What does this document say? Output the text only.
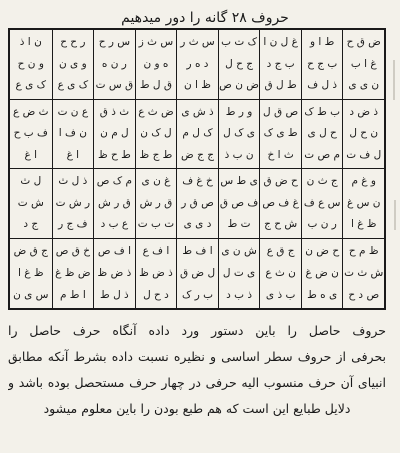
حروف ۲۸ گانه را دور میدهیم
ض ق ح
غ ا ب
ن ی ی
ط ا و
ب ج ح
ذ ل ف
غ ل ن ا
ب ج د
ط ل ق
ک ت ب
ج ح ل
ض ن ص
س ث ر
د ه ر
ظ ا ن
س ث ز
ه و ن
ق ل ط
س ر ح
ر ن ه
ق س ت
ر ح ح
و ی ن
ک ی ع
ن ا ذ
و ن ح
ک ی ع
ذ ض د
ن ح ل
ل ف ت
ب ط ک
ح ل ی
م ص ت
ص ق ل
ط ی ک
ث ا خ
و ر ط
ی ک ل
ن ب ذ
ذ ش ی
ک ل م
ج ج ض
ض ث ع
ل ک ن
ط ج ظ
ث ذ ق
ل م ن
ط ح ظ
ع ن ت
ن ف ا
ا غ
ث ض ع
ف ب ح
ا غ
و غ م
ن س غ
ظ غ ا
ج ث ن
س ع ف
ر ن ب
ح ض ق
غ ف ص
ش ح ج
ی ط س
ف ص ق
ت ط
خ غ ف
ص ق ر
د ی ی
غ ن ی
ق ر ش
ت ب ت
م ک ص
ق ر ش
ع ب د
ذ ل ث
ر ش ت
ف ج ر
ل ث
ش ت
ج د
ظ م ح
ش ث ت
ص د ح
ح ض ن
ن ض غ
ی ه ط
ج ق ع
ن ث ع
ب ذ ی
ش ن ی
ی ت ل
ذ ب د
ا ف ط
ل ض ق
ب ر ک
ا ف ع
ذ ض ظ
د ح ل
ا ف ص
ذ ض ظ
ذ ل ط
خ ق ص
ض ظ غ
ا ط م
ج ق ض
ظ غ ا
س ی ن
حروف حاصل را باین دستور ورد داده آنگاه حرف حاصل را
بحرفی از حروف سطر اساسی و نظیره نسبت داده بشرط آنکه مطابق
انبیای آن حرف منسوب الیه حرفی در چهار حرف مستحصل بوده باشد و
دلایل طبایع این است که هم طبع بودن را باین معلوم میشود
